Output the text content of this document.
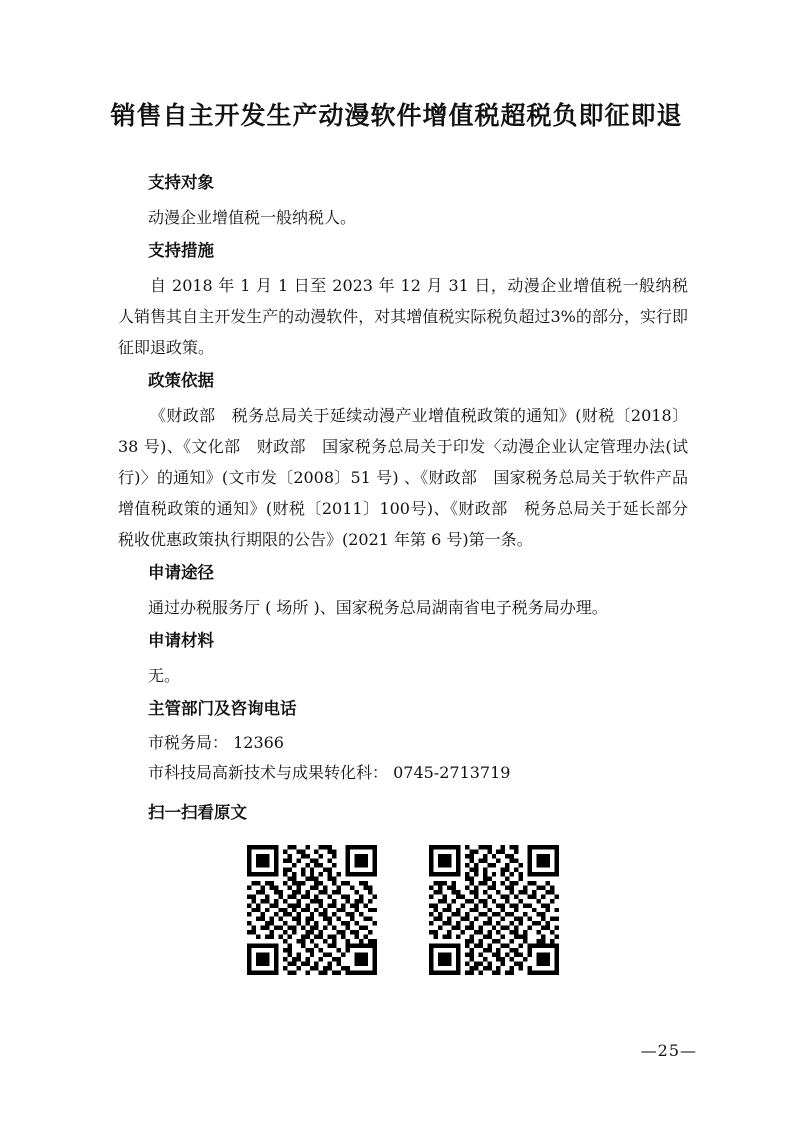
销售自主开发生产动漫软件增值税超税负即征即退
支持对象

动漫企业增值税一般纳税人。

支持措施

自 2018 年 1 月 1 日至 2023 年 12 月 31 日，动漫企业增值税一般纳税人销售其自主开发生产的动漫软件，对其增值税实际税负超过3%的部分，实行即征即退政策。

政策依据

《财政部　税务总局关于延续动漫产业增值税政策的通知》(财税〔2018〕38 号)、《文化部　财政部　国家税务总局关于印发〈动漫企业认定管理办法(试行)〉的通知》(文市发〔2008〕51 号) 、《财政部　国家税务总局关于软件产品增值税政策的通知》(财税〔2011〕100号)、《财政部　税务总局关于延长部分税收优惠政策执行期限的公告》(2021 年第 6 号)第一条。

申请途径

通过办税服务厅 ( 场所 )、国家税务总局湖南省电子税务局办理。

申请材料

无。

主管部门及咨询电话

市税务局： 12366

市科技局高新技术与成果转化科： 0745-2713719

扫一扫看原文
—25—
